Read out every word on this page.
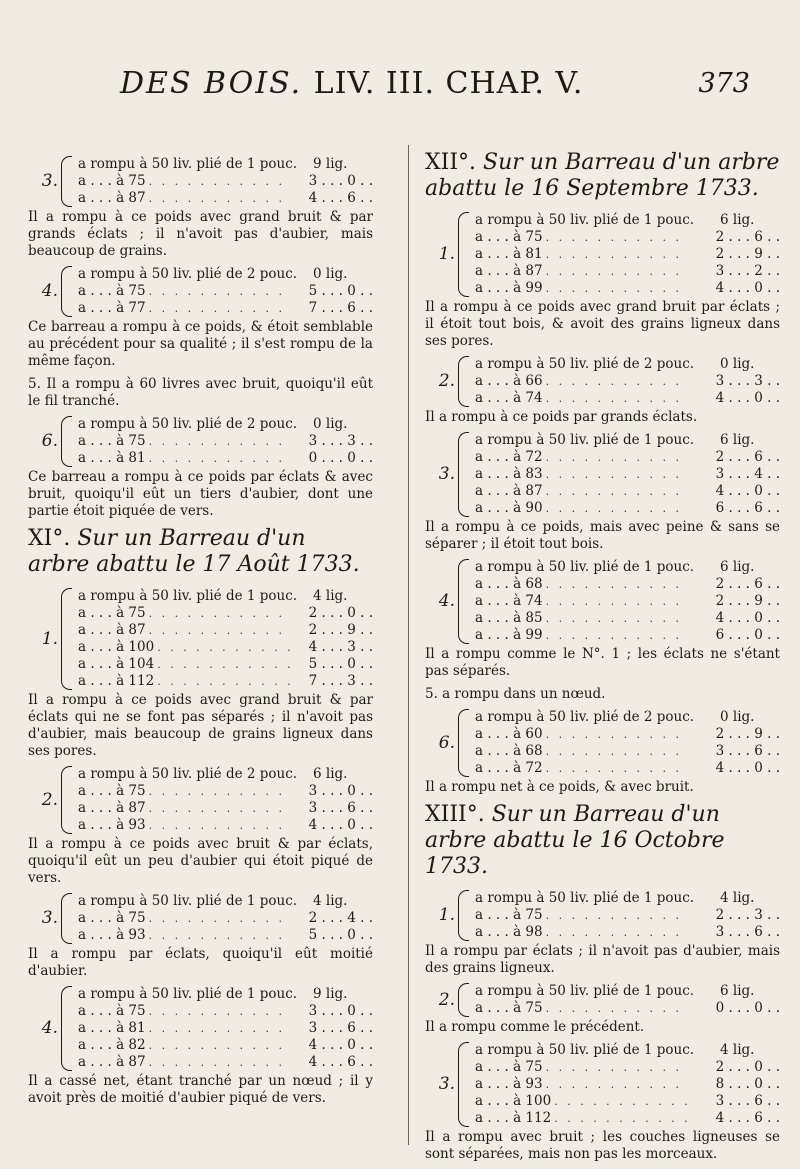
DES BOIS. LIV. III. CHAP. V.	373
3.
a rompu à 50 liv. plié de 1 pouc. 9 lig.
a . . . à 75 . . . . . . . . . . .	3 . . . 0 . .
a . . . à 87 . . . . . . . . . . .	4 . . . 6 . .
Il a rompu à ce poids avec grand bruit & par grands éclats ; il n'avoit pas d'aubier, mais beaucoup de grains.
4.
a rompu à 50 liv. plié de 2 pouc. 0 lig.
a . . . à 75 . . . . . . . . . . .	5 . . . 0 . .
a . . . à 77 . . . . . . . . . . .	7 . . . 6 . .
Ce barreau a rompu à ce poids, & étoit semblable au précédent pour sa qualité ; il s'est rompu de la même façon.
5. Il a rompu à 60 livres avec bruit, quoiqu'il eût le fil tranché.
6.
a rompu à 50 liv. plié de 2 pouc. 0 lig.
a . . . à 75 . . . . . . . . . . .	3 . . . 3 . .
a . . . à 81 . . . . . . . . . . .	0 . . . 0 . .
Ce barreau a rompu à ce poids par éclats & avec bruit, quoiqu'il eût un tiers d'aubier, dont une partie étoit piquée de vers.
XI°. Sur un Barreau d'un arbre abattu le 17 Août 1733.
1.
a rompu à 50 liv. plié de 1 pouc. 4 lig.
a . . . à 75 . . . . . . . . . . .	2 . . . 0 . .
a . . . à 87 . . . . . . . . . . .	2 . . . 9 . .
a . . . à 100 . . . . . . . . . . .	4 . . . 3 . .
a . . . à 104 . . . . . . . . . . .	5 . . . 0 . .
a . . . à 112 . . . . . . . . . . .	7 . . . 3 . .
Il a rompu à ce poids avec grand bruit & par éclats qui ne se font pas séparés ; il n'avoit pas d'aubier, mais beaucoup de grains ligneux dans ses pores.
2.
a rompu à 50 liv. plié de 2 pouc. 6 lig.
a . . . à 75 . . . . . . . . . . .	3 . . . 0 . .
a . . . à 87 . . . . . . . . . . .	3 . . . 6 . .
a . . . à 93 . . . . . . . . . . .	4 . . . 0 . .
Il a rompu à ce poids avec bruit & par éclats, quoiqu'il eût un peu d'aubier qui étoit piqué de vers.
3.
a rompu à 50 liv. plié de 1 pouc. 4 lig.
a . . . à 75 . . . . . . . . . . .	2 . . . 4 . .
a . . . à 93 . . . . . . . . . . .	5 . . . 0 . .
Il a rompu par éclats, quoiqu'il eût moitié d'aubier.
4.
a rompu à 50 liv. plié de 1 pouc. 9 lig.
a . . . à 75 . . . . . . . . . . .	3 . . . 0 . .
a . . . à 81 . . . . . . . . . . .	3 . . . 6 . .
a . . . à 82 . . . . . . . . . . .	4 . . . 0 . .
a . . . à 87 . . . . . . . . . . .	4 . . . 6 . .
Il a cassé net, étant tranché par un nœud ; il y avoit près de moitié d'aubier piqué de vers.
XII°. Sur un Barreau d'un arbre abattu le 16 Septembre 1733.
1.
a rompu à 50 liv. plié de 1 pouc. 6 lig.
a . . . à 75 . . . . . . . . . . .	2 . . . 6 . .
a . . . à 81 . . . . . . . . . . .	2 . . . 9 . .
a . . . à 87 . . . . . . . . . . .	3 . . . 2 . .
a . . . à 99 . . . . . . . . . . .	4 . . . 0 . .
Il a rompu à ce poids avec grand bruit par éclats ; il étoit tout bois, & avoit des grains ligneux dans ses pores.
2.
a rompu à 50 liv. plié de 2 pouc. 0 lig.
a . . . à 66 . . . . . . . . . . .	3 . . . 3 . .
a . . . à 74 . . . . . . . . . . .	4 . . . 0 . .
Il a rompu à ce poids par grands éclats.
3.
a rompu à 50 liv. plié de 1 pouc. 6 lig.
a . . . à 72 . . . . . . . . . . .	2 . . . 6 . .
a . . . à 83 . . . . . . . . . . .	3 . . . 4 . .
a . . . à 87 . . . . . . . . . . .	4 . . . 0 . .
a . . . à 90 . . . . . . . . . . .	6 . . . 6 . .
Il a rompu à ce poids, mais avec peine & sans se séparer ; il étoit tout bois.
4.
a rompu à 50 liv. plié de 1 pouc. 6 lig.
a . . . à 68 . . . . . . . . . . .	2 . . . 6 . .
a . . . à 74 . . . . . . . . . . .	2 . . . 9 . .
a . . . à 85 . . . . . . . . . . .	4 . . . 0 . .
a . . . à 99 . . . . . . . . . . .	6 . . . 0 . .
Il a rompu comme le N°. 1 ; les éclats ne s'étant pas séparés.
5. a rompu dans un nœud.
6.
a rompu à 50 liv. plié de 2 pouc. 0 lig.
a . . . à 60 . . . . . . . . . . .	2 . . . 9 . .
a . . . à 68 . . . . . . . . . . .	3 . . . 6 . .
a . . . à 72 . . . . . . . . . . .	4 . . . 0 . .
Il a rompu net à ce poids, & avec bruit.
XIII°. Sur un Barreau d'un arbre abattu le 16 Octobre 1733.
1.
a rompu à 50 liv. plié de 1 pouc. 4 lig.
a . . . à 75 . . . . . . . . . . .	2 . . . 3 . .
a . . . à 98 . . . . . . . . . . .	3 . . . 6 . .
Il a rompu par éclats ; il n'avoit pas d'aubier, mais des grains ligneux.
2. a rompu à 50 liv. plié de 1 pouc. 6 lig.
a . . . à 75 . . . . . . . . . . .	0 . . . 0 . .
Il a rompu comme le précédent.
3.
a rompu à 50 liv. plié de 1 pouc. 4 lig.
a . . . à 75 . . . . . . . . . . .	2 . . . 0 . .
a . . . à 93 . . . . . . . . . . .	8 . . . 0 . .
a . . . à 100 . . . . . . . . . . .	3 . . . 6 . .
a . . . à 112 . . . . . . . . . . .	4 . . . 6 . .
Il a rompu avec bruit ; les couches ligneuses se sont séparées, mais non pas les morceaux.
